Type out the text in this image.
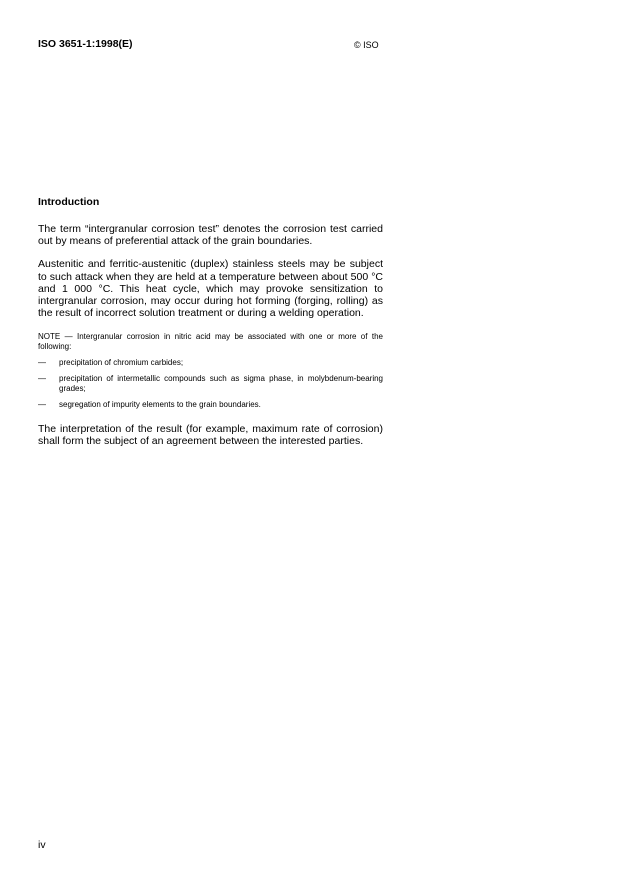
ISO 3651-1:1998(E)	© ISO
Introduction

The term “intergranular corrosion test” denotes the corrosion test carried out by means of preferential attack of the grain boundaries.

Austenitic and ferritic-austenitic (duplex) stainless steels may be subject to such attack when they are held at a temperature between about 500 °C and 1 000 °C. This heat cycle, which may provoke sensitization to intergranular corrosion, may occur during hot forming (forging, rolling) as the result of incorrect solution treatment or during a welding operation.

NOTE — Intergranular corrosion in nitric acid may be associated with one or more of the following:

—	precipitation of chromium carbides;
—	precipitation of intermetallic compounds such as sigma phase, in molybdenum-bearing grades;
—	segregation of impurity elements to the grain boundaries.

The interpretation of the result (for example, maximum rate of corrosion) shall form the subject of an agreement between the interested parties.

iv
